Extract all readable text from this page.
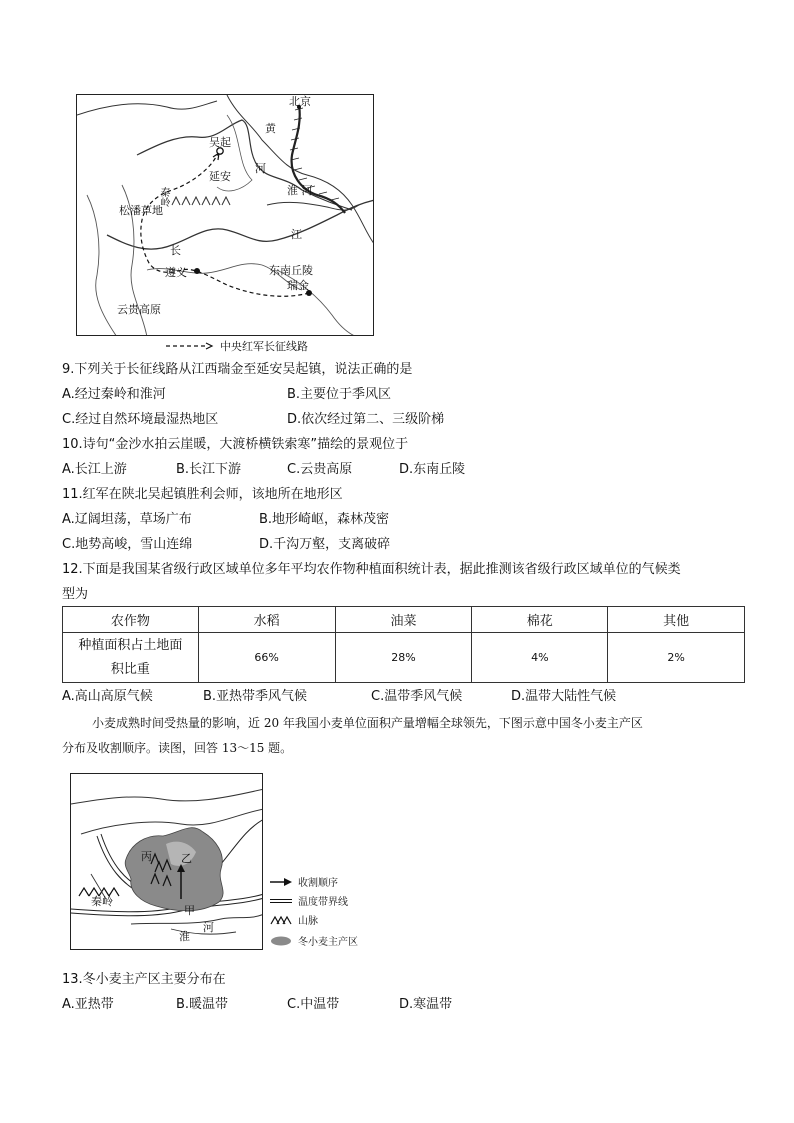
北京
吴起
延安
黄
河
淮 河
秦岭
松潘草地
长
江
遵义	东南丘陵
瑞金
云贵高原
中央红军长征线路
9.下列关于长征线路从江西瑞金至延安吴起镇，说法正确的是
A.经过秦岭和淮河	B.主要位于季风区
C.经过自然环境最湿热地区	D.依次经过第二、三级阶梯
10.诗句“金沙水拍云崖暖，大渡桥横铁索寒”描绘的景观位于
A.长江上游	B.长江下游	C.云贵高原	D.东南丘陵
11.红军在陕北吴起镇胜利会师，该地所在地形区
A.辽阔坦荡，草场广布	B.地形崎岖，森林茂密
C.地势高峻，雪山连绵	D.千沟万壑，支离破碎
12.下面是我国某省级行政区域单位多年平均农作物种植面积统计表，据此推测该省级行政区域单位的气候类
型为
农作物	水稻	油菜	棉花	其他

种植面积占土地面
积比重	66%	28%	4%	2%
A.高山高原气候	B.亚热带季风气候	C.温带季风气候	D.温带大陆性气候
小麦成熟时间受热量的影响，近 20 年我国小麦单位面积产量增幅全球领先，下图示意中国冬小麦主产区
分布及收割顺序。读图，回答 13～15 题。
丙	乙
甲
秦岭
淮
河
收割顺序
温度带界线
山脉
冬小麦主产区
13.冬小麦主产区主要分布在
A.亚热带	B.暖温带	C.中温带	D.寒温带
